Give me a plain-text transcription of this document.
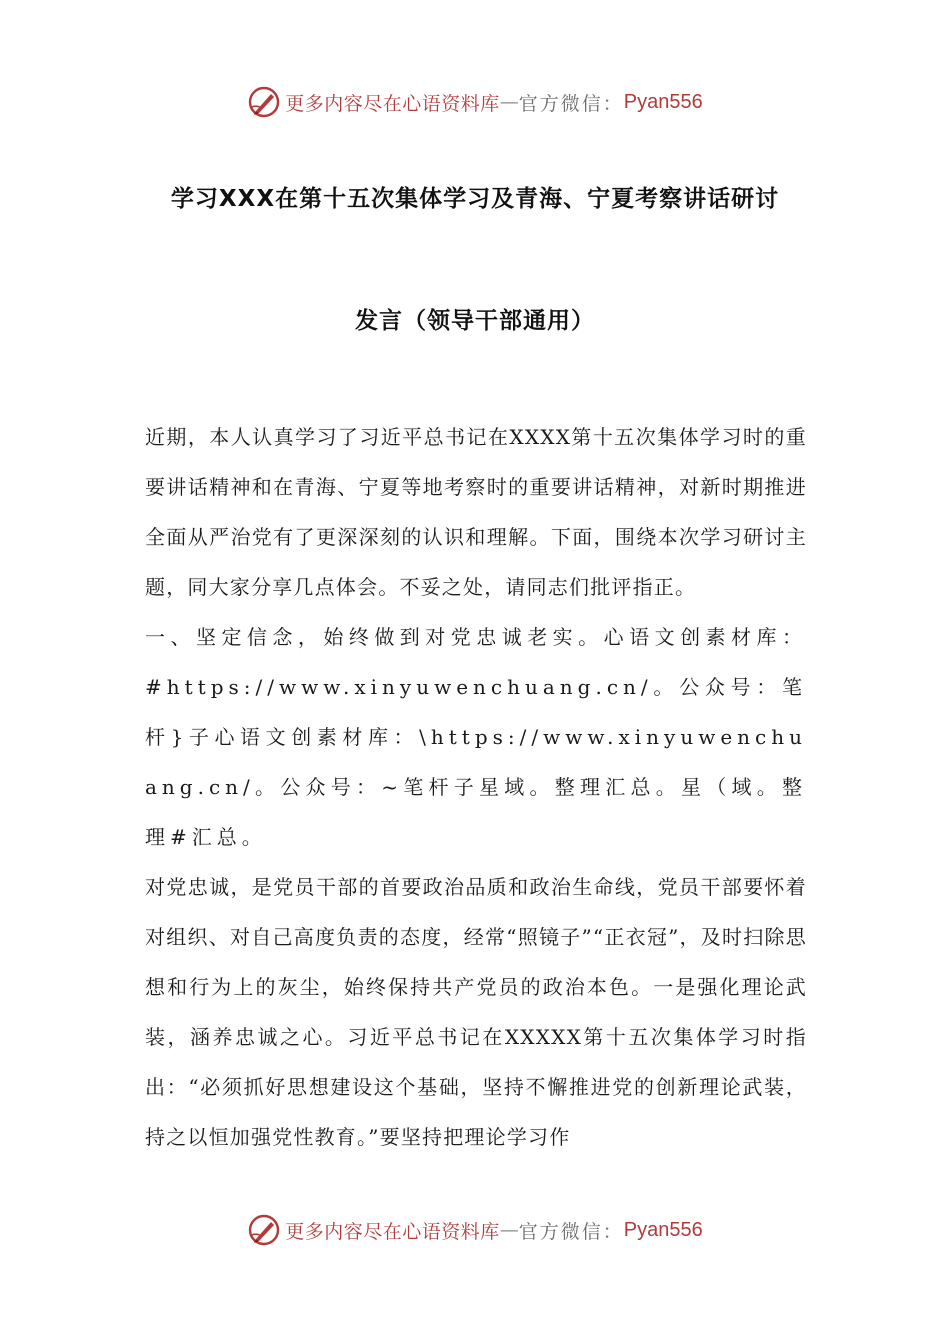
更多内容尽在心语资料库 — 官方微信： Pyan556
学习XXX在第十五次集体学习及青海、宁夏考察讲话研讨
发言（领导干部通用）

近期，本人认真学习了习近平总书记在XXXX第十五次集体学习时的重要讲话精神和在青海、宁夏等地考察时的重要讲话精神，对新时期推进全面从严治党有了更深深刻的认识和理解。下面，围绕本次学习研讨主题，同大家分享几点体会。不妥之处，请同志们批评指正。

一、坚定信念，始终做到对党忠诚老实。心语文创素材库：#https://www.xinyuwenchuang.cn/。公众号：笔杆}子心语文创素材库：\https://www.xinyuwenchuang.cn/。公众号：~笔杆子星域。整理汇总。星（域。整理#汇总。

对党忠诚，是党员干部的首要政治品质和政治生命线，党员干部要怀着对组织、对自己高度负责的态度，经常“照镜子”“正衣冠”，及时扫除思想和行为上的灰尘，始终保持共产党员的政治本色。一是强化理论武装，涵养忠诚之心。习近平总书记在XXXXX第十五次集体学习时指出：“必须抓好思想建设这个基础，坚持不懈推进党的创新理论武装，持之以恒加强党性教育。”要坚持把理论学习作

更多内容尽在心语资料库 — 官方微信： Pyan556
